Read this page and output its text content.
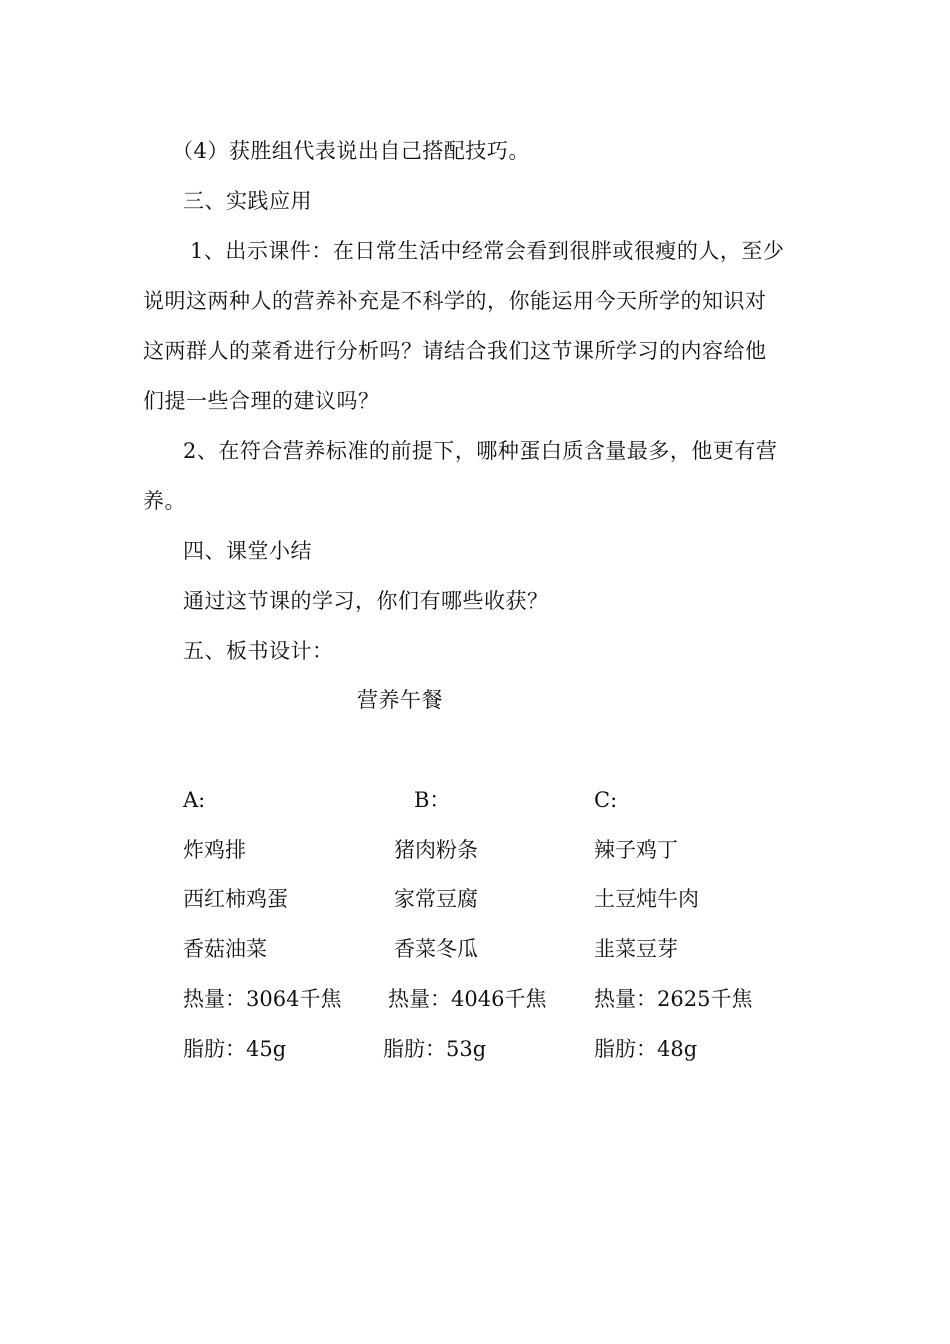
（4）获胜组代表说出自己搭配技巧。
三、实践应用
1、出示课件：在日常生活中经常会看到很胖或很瘦的人，至少
说明这两种人的营养补充是不科学的，你能运用今天所学的知识对
这两群人的菜肴进行分析吗？请结合我们这节课所学习的内容给他
们提一些合理的建议吗？
2、在符合营养标准的前提下，哪种蛋白质含量最多，他更有营
养。
四、课堂小结
通过这节课的学习，你们有哪些收获？
五、板书设计：
营养午餐
A:
炸鸡排
西红柿鸡蛋
香菇油菜
热量：3064千焦
脂肪：45g
B：
猪肉粉条
家常豆腐
香菜冬瓜
热量：4046千焦
脂肪：53g
C:
辣子鸡丁
土豆炖牛肉
韭菜豆芽
热量：2625千焦
脂肪：48g
